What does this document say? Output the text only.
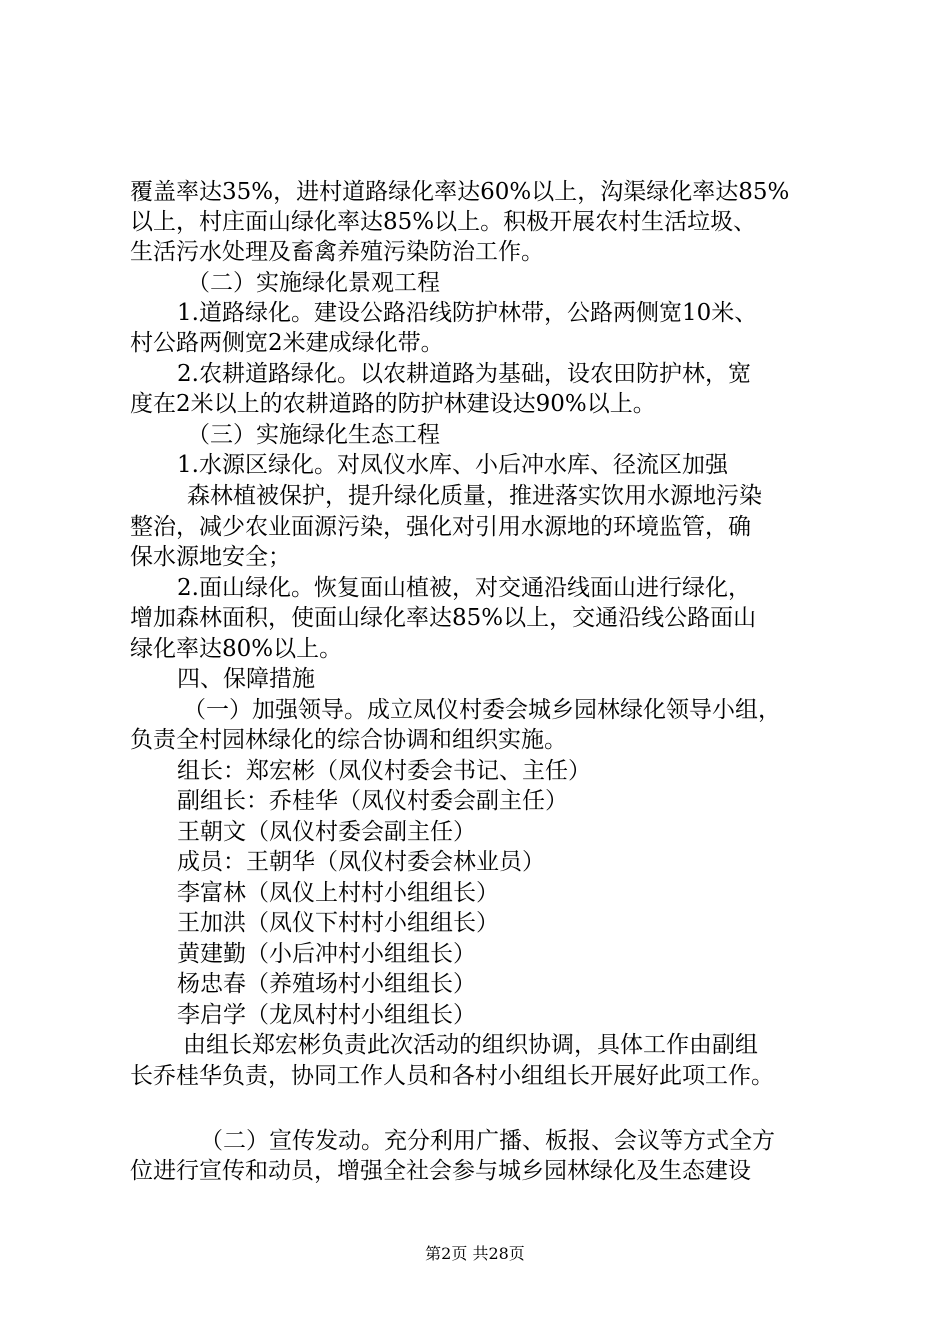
覆盖率达35%，进村道路绿化率达60%以上，沟渠绿化率达85%
以上，村庄面山绿化率达85%以上。积极开展农村生活垃圾、
生活污水处理及畜禽养殖污染防治工作。
（二）实施绿化景观工程
1.道路绿化。建设公路沿线防护林带，公路两侧宽10米、
村公路两侧宽2米建成绿化带。
2.农耕道路绿化。以农耕道路为基础，设农田防护林，宽
度在2米以上的农耕道路的防护林建设达90%以上。
（三）实施绿化生态工程
1.水源区绿化。对凤仪水库、小后冲水库、径流区加强
森林植被保护，提升绿化质量，推进落实饮用水源地污染
整治，减少农业面源污染，强化对引用水源地的环境监管，确
保水源地安全；
2.面山绿化。恢复面山植被，对交通沿线面山进行绿化，
增加森林面积，使面山绿化率达85%以上，交通沿线公路面山
绿化率达80%以上。
四、保障措施
（一）加强领导。成立凤仪村委会城乡园林绿化领导小组，
负责全村园林绿化的综合协调和组织实施。
组长：郑宏彬（凤仪村委会书记、主任）
副组长：乔桂华（凤仪村委会副主任）
王朝文（凤仪村委会副主任）
成员：王朝华（凤仪村委会林业员）
李富林（凤仪上村村小组组长）
王加洪（凤仪下村村小组组长）
黄建勤（小后冲村小组组长）
杨忠春（养殖场村小组组长）
李启学（龙凤村村小组组长）
由组长郑宏彬负责此次活动的组织协调，具体工作由副组
长乔桂华负责，协同工作人员和各村小组组长开展好此项工作。
（二）宣传发动。充分利用广播、板报、会议等方式全方
位进行宣传和动员，增强全社会参与城乡园林绿化及生态建设
第2页 共28页
